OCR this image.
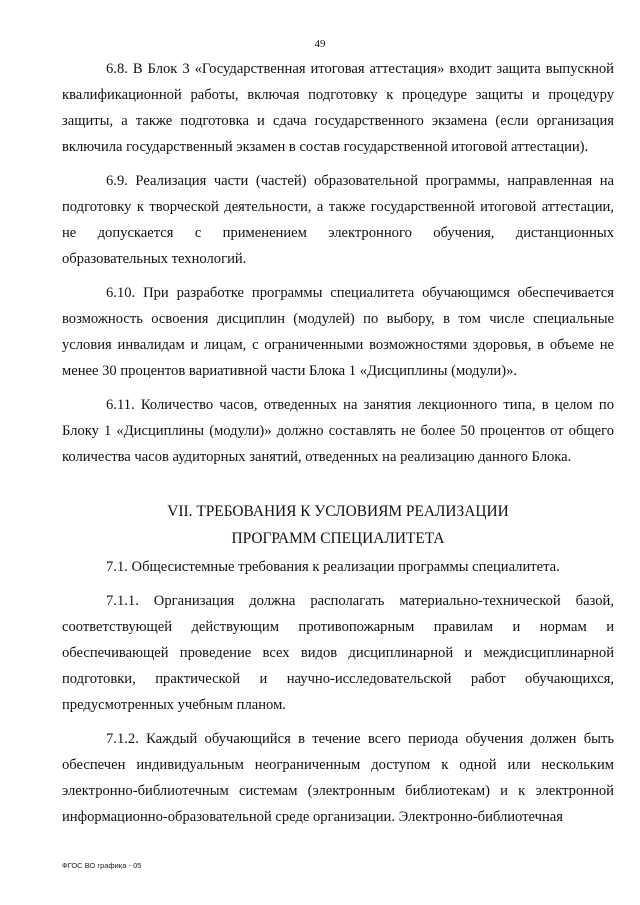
49

6.8. В Блок 3 «Государственная итоговая аттестация» входит защита выпускной квалификационной работы, включая подготовку к процедуре защиты и процедуру защиты, а также подготовка и сдача государственного экзамена (если организация включила государственный экзамен в состав государственной итоговой аттестации).

6.9. Реализация части (частей) образовательной программы, направленная на подготовку к творческой деятельности, а также государственной итоговой аттестации, не допускается с применением электронного обучения, дистанционных образовательных технологий.

6.10. При разработке программы специалитета обучающимся обеспечивается возможность освоения дисциплин (модулей) по выбору, в том числе специальные условия инвалидам и лицам, с ограниченными возможностями здоровья, в объеме не менее 30 процентов вариативной части Блока 1 «Дисциплины (модули)».

6.11. Количество часов, отведенных на занятия лекционного типа, в целом по Блоку 1 «Дисциплины (модули)» должно составлять не более 50 процентов от общего количества часов аудиторных занятий, отведенных на реализацию данного Блока.

VII. ТРЕБОВАНИЯ К УСЛОВИЯМ РЕАЛИЗАЦИИ
ПРОГРАММ СПЕЦИАЛИТЕТА

7.1. Общесистемные требования к реализации программы специалитета.

7.1.1. Организация должна располагать материально-технической базой, соответствующей действующим противопожарным правилам и нормам и обеспечивающей проведение всех видов дисциплинарной и междисциплинарной подготовки, практической и научно-исследовательской работ обучающихся, предусмотренных учебным планом.

7.1.2. Каждый обучающийся в течение всего периода обучения должен быть обеспечен индивидуальным неограниченным доступом к одной или нескольким электронно-библиотечным системам (электронным библиотекам) и к электронной информационно-образовательной среде организации. Электронно-библиотечная

ФГОС ВО графика - 05
